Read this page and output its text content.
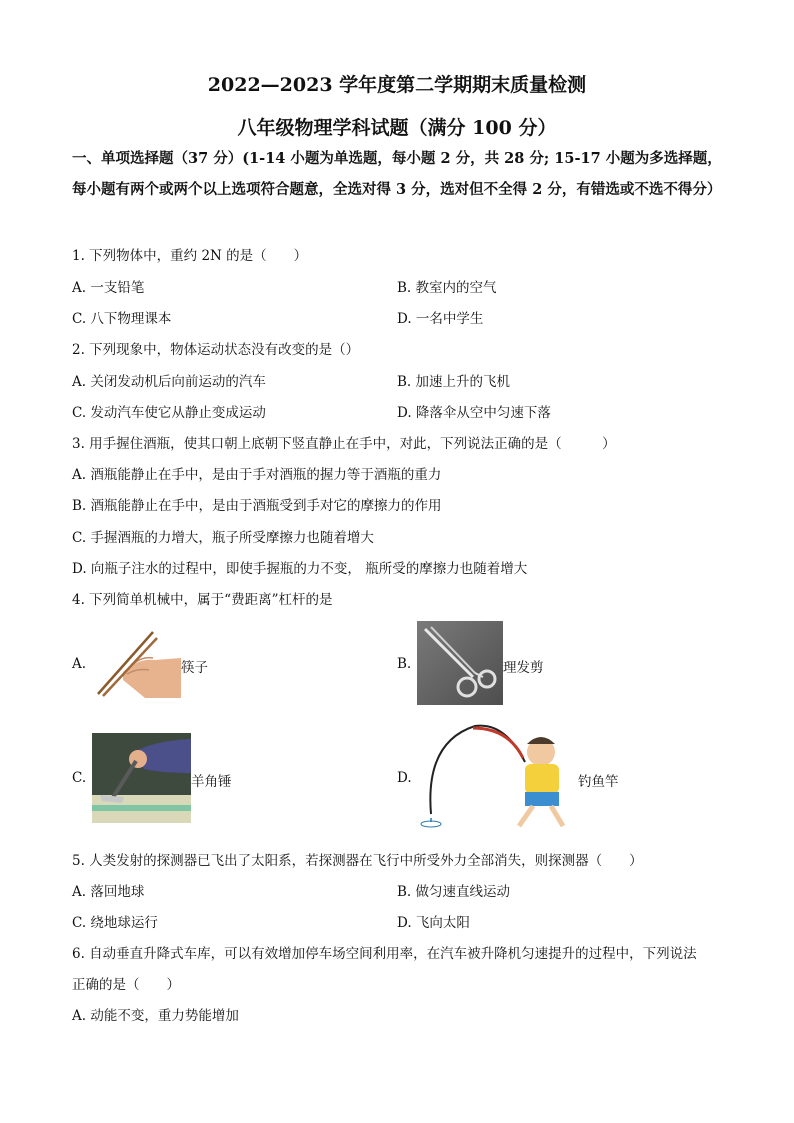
2022—2023 学年度第二学期期末质量检测
八年级物理学科试题（满分 100 分）
一、单项选择题（37 分）(1-14 小题为单选题，每小题 2 分，共 28 分; 15-17 小题为多选择题，每小题有两个或两个以上选项符合题意，全选对得 3 分，选对但不全得 2 分，有错选或不选不得分）
1. 下列物体中，重约 2N 的是（　　）
A. 一支铅笔	B. 教室内的空气
C. 八下物理课本	D. 一名中学生
2. 下列现象中，物体运动状态没有改变的是（）
A. 关闭发动机后向前运动的汽车	B. 加速上升的飞机
C. 发动汽车使它从静止变成运动	D. 降落伞从空中匀速下落
3. 用手握住酒瓶，使其口朝上底朝下竖直静止在手中，对此，下列说法正确的是（　　　）
A. 酒瓶能静止在手中，是由于手对酒瓶的握力等于酒瓶的重力
B. 酒瓶能静止在手中，是由于酒瓶受到手对它的摩擦力的作用
C. 手握酒瓶的力增大，瓶子所受摩擦力也随着增大
D. 向瓶子注水的过程中，即使手握瓶的力不变， 瓶所受的摩擦力也随着增大
4. 下列简单机械中，属于“费距离”杠杆的是
A.	筷子	B.	理发剪
C.	羊角锤	D.	钓鱼竿
5. 人类发射的探测器已飞出了太阳系，若探测器在飞行中所受外力全部消失，则探测器（　　）
A. 落回地球	B. 做匀速直线运动
C. 绕地球运行	D. 飞向太阳
6. 自动垂直升降式车库，可以有效增加停车场空间利用率，在汽车被升降机匀速提升的过程中，下列说法
正确的是（　　）
A. 动能不变，重力势能增加
